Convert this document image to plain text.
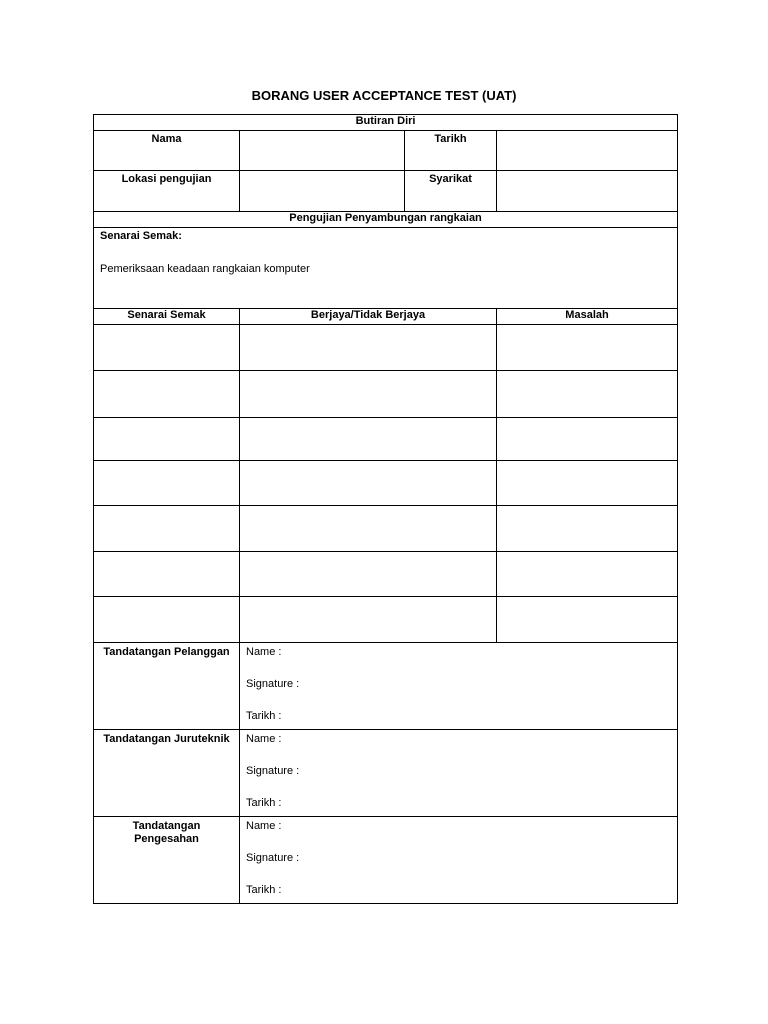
BORANG USER ACCEPTANCE TEST (UAT)
Butiran Diri			
Nama		Tarikh	
Lokasi pengujian		Syarikat	
Pengujian Penyambungan rangkaian			

Senarai Semak:
Pemeriksaan keadaan rangkaian komputer			

Senarai Semak	Berjaya/Tidak Berjaya		Masalah

Tandatangan Pelanggan	Name :
Signature :
Tarikh :		

Tandatangan Juruteknik	Name :
Signature :
Tarikh :		

Tandatangan
Pengesahan	Name :
Signature :
Tarikh :		
